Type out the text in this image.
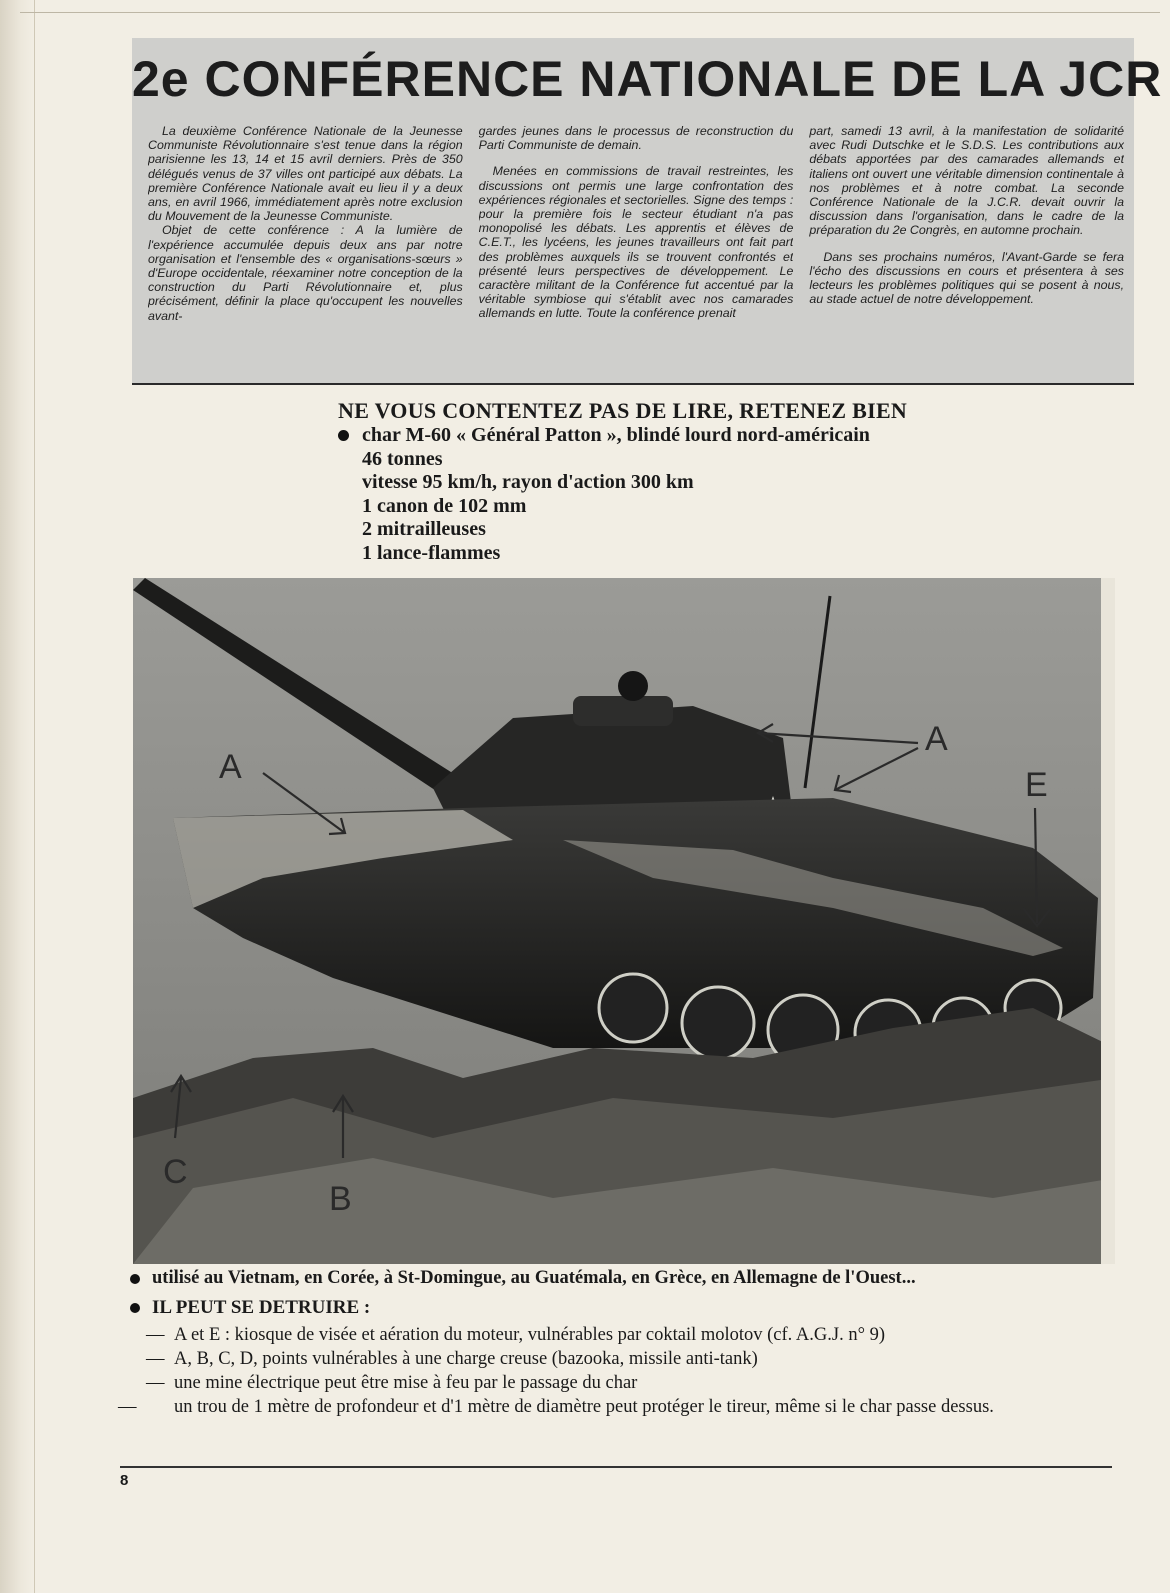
2e CONFÉRENCE NATIONALE DE LA JCR

La deuxième Conférence Nationale de la Jeunesse Communiste Révolutionnaire s'est tenue dans la région parisienne les 13, 14 et 15 avril derniers. Près de 350 délégués venus de 37 villes ont participé aux débats. La première Conférence Nationale avait eu lieu il y a deux ans, en avril 1966, immédiatement après notre exclusion du Mouvement de la Jeunesse Communiste.

Objet de cette conférence : A la lumière de l'expérience accumulée depuis deux ans par notre organisation et l'ensemble des « organisations-sœurs » d'Europe occidentale, réexaminer notre conception de la construction du Parti Révolutionnaire et, plus précisément, définir la place qu'occupent les nouvelles avant-

gardes jeunes dans le processus de reconstruction du Parti Communiste de demain.

Menées en commissions de travail restreintes, les discussions ont permis une large confrontation des expériences régionales et sectorielles. Signe des temps : pour la première fois le secteur étudiant n'a pas monopolisé les débats. Les apprentis et élèves de C.E.T., les lycéens, les jeunes travailleurs ont fait part des problèmes auxquels ils se trouvent confrontés et présenté leurs perspectives de développement. Le caractère militant de la Conférence fut accentué par la véritable symbiose qui s'établit avec nos camarades allemands en lutte. Toute la conférence prenait

part, samedi 13 avril, à la manifestation de solidarité avec Rudi Dutschke et le S.D.S. Les contributions aux débats apportées par des camarades allemands et italiens ont ouvert une véritable dimension continentale à nos problèmes et à notre combat. La seconde Conférence Nationale de la J.C.R. devait ouvrir la discussion dans l'organisation, dans le cadre de la préparation du 2e Congrès, en automne prochain.

Dans ses prochains numéros, l'Avant-Garde se fera l'écho des discussions en cours et présentera à ses lecteurs les problèmes politiques qui se posent à nous, au stade actuel de notre développement.

NE VOUS CONTENTEZ PAS DE LIRE, RETENEZ BIEN
char M-60 « Général Patton », blindé lourd nord-américain
46 tonnes
vitesse 95 km/h, rayon d'action 300 km
1 canon de 102 mm
2 mitrailleuses
1 lance-flammes
A
A
E
C
B
utilisé au Vietnam, en Corée, à St-Domingue, au Guatémala, en Grèce, en Allemagne de l'Ouest...
IL PEUT SE DETRUIRE :
— A et E : kiosque de visée et aération du moteur, vulnérables par coktail molotov (cf. A.G.J. n° 9)
— A, B, C, D, points vulnérables à une charge creuse (bazooka, missile anti-tank)
— une mine électrique peut être mise à feu par le passage du char
— un trou de 1 mètre de profondeur et d'1 mètre de diamètre peut protéger le tireur, même si le char passe dessus.
8
